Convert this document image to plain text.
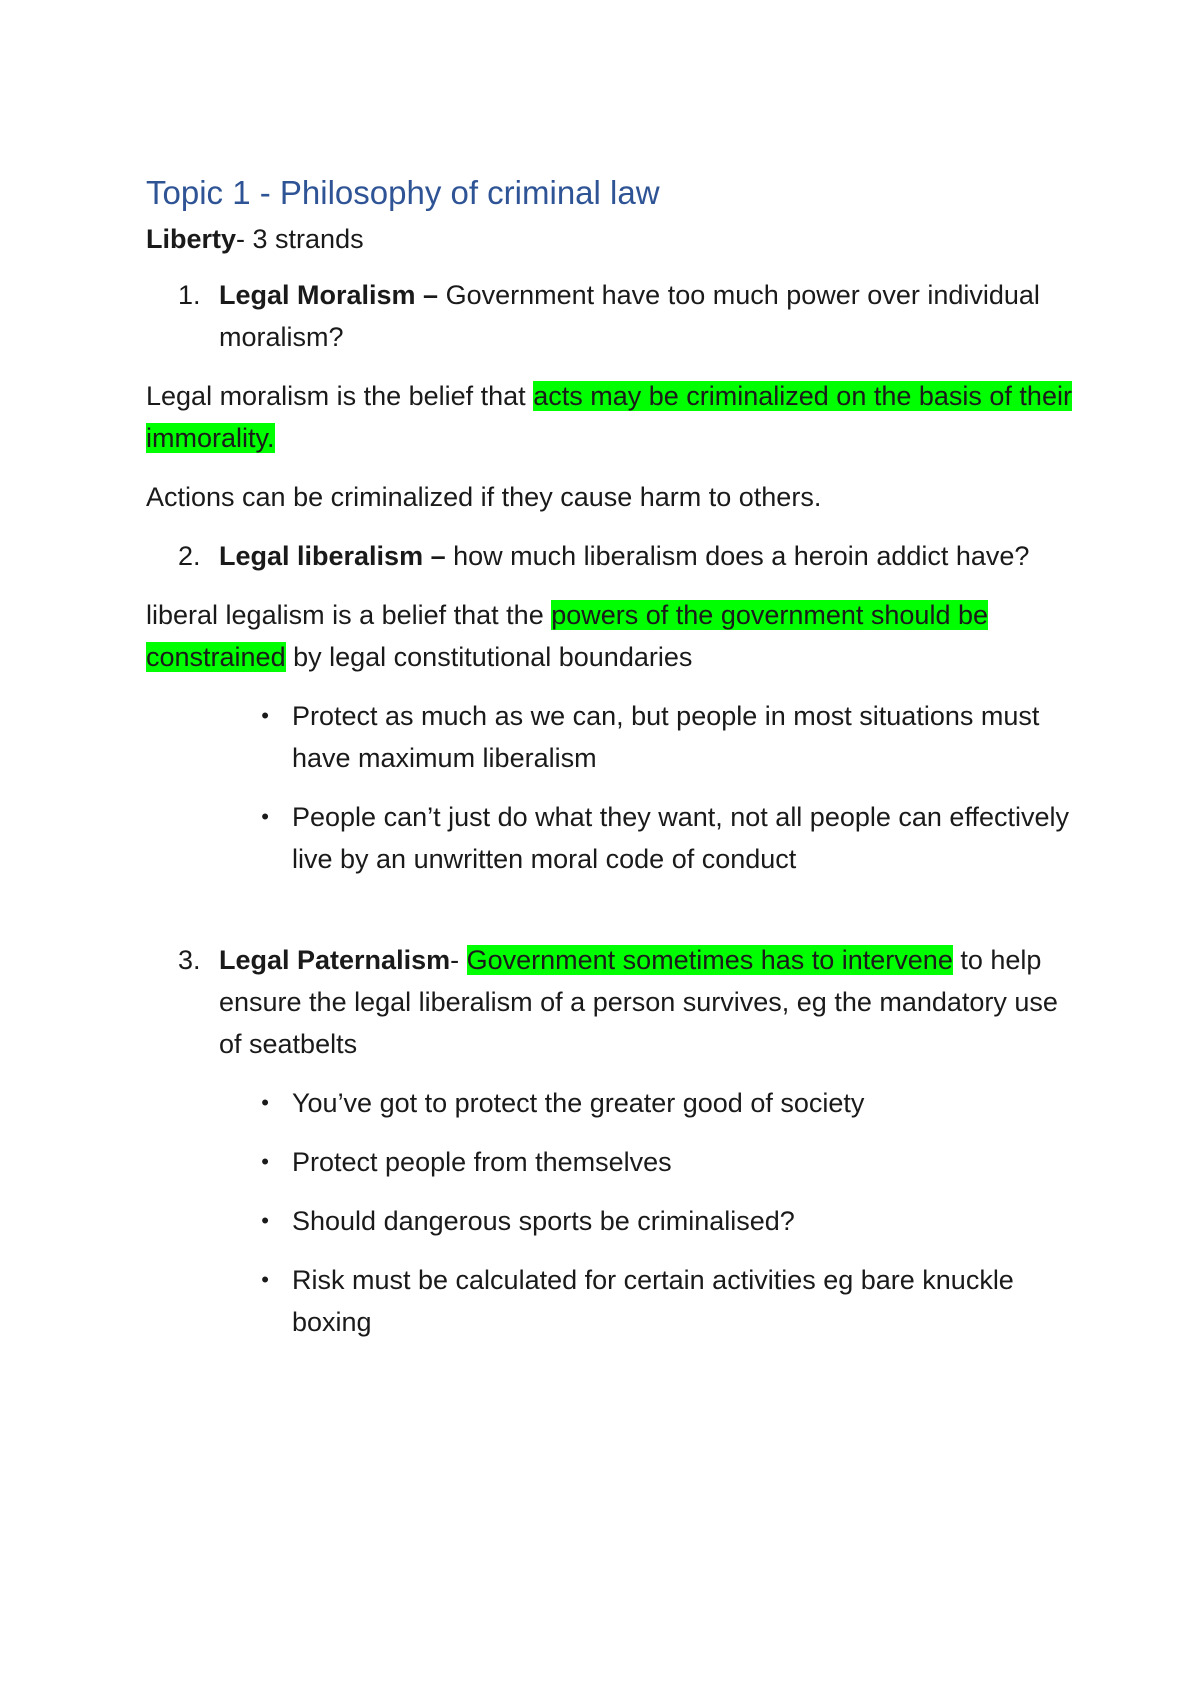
Topic 1 - Philosophy of criminal law
Liberty- 3 strands
1. Legal Moralism – Government have too much power over individual moralism?
Legal moralism is the belief that acts may be criminalized on the basis of their immorality.
Actions can be criminalized if they cause harm to others.
2. Legal liberalism – how much liberalism does a heroin addict have?
liberal legalism is a belief that the powers of the government should be constrained by legal constitutional boundaries
• Protect as much as we can, but people in most situations must have maximum liberalism
• People can’t just do what they want, not all people can effectively live by an unwritten moral code of conduct
3. Legal Paternalism- Government sometimes has to intervene to help ensure the legal liberalism of a person survives, eg the mandatory use of seatbelts
• You’ve got to protect the greater good of society
• Protect people from themselves
• Should dangerous sports be criminalised?
• Risk must be calculated for certain activities eg bare knuckle boxing
